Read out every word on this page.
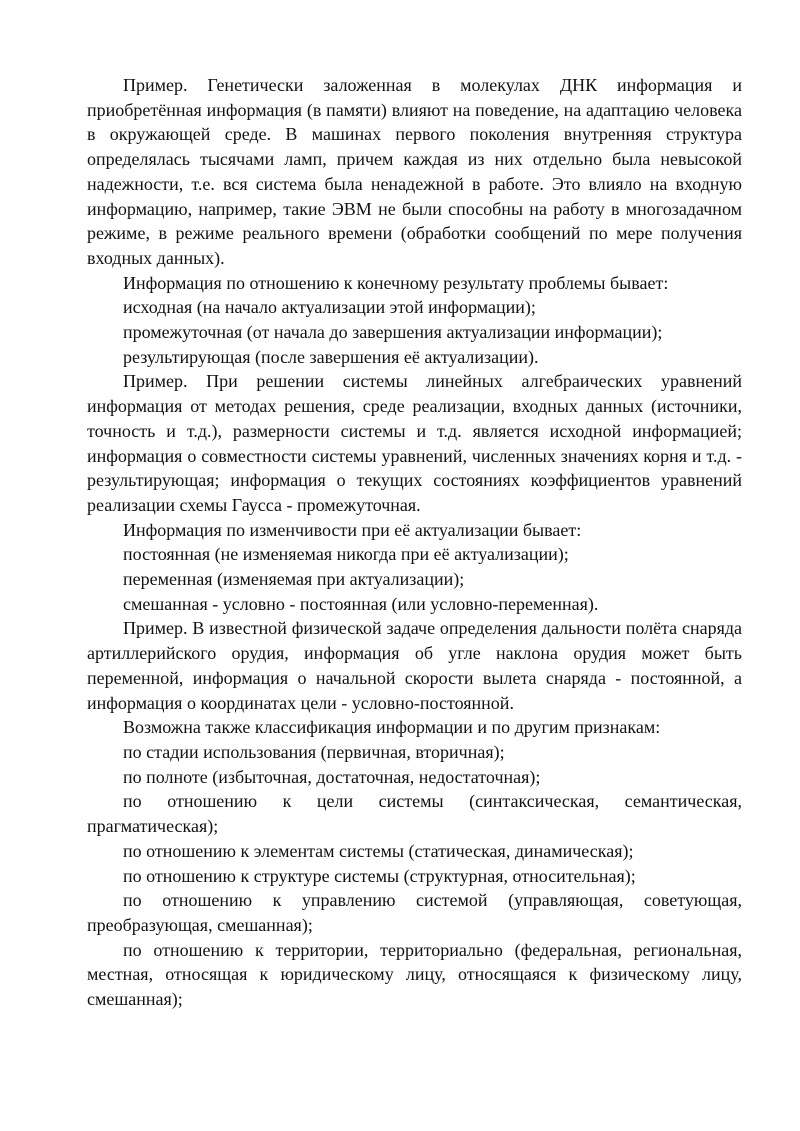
Пример. Генетически заложенная в молекулах ДНК информация и приобретённая информация (в памяти) влияют на поведение, на адаптацию человека в окружающей среде. В машинах первого поколения внутренняя структура определялась тысячами ламп, причем каждая из них отдельно была невысокой надежности, т.е. вся система была ненадежной в работе. Это влияло на входную информацию, например, такие ЭВМ не были способны на работу в многозадачном режиме, в режиме реального времени (обработки сообщений по мере получения входных данных).

Информация по отношению к конечному результату проблемы бывает:

исходная (на начало актуализации этой информации);

промежуточная (от начала до завершения актуализации информации);

результирующая (после завершения её актуализации).

Пример. При решении системы линейных алгебраических уравнений информация от методах решения, среде реализации, входных данных (источники, точность и т.д.), размерности системы и т.д. является исходной информацией; информация о совместности системы уравнений, численных значениях корня и т.д. - результирующая; информация о текущих состояниях коэффициентов уравнений реализации схемы Гаусса - промежуточная.

Информация по изменчивости при её актуализации бывает:

постоянная (не изменяемая никогда при её актуализации);

переменная (изменяемая при актуализации);

смешанная - условно - постоянная (или условно-переменная).

Пример. В известной физической задаче определения дальности полёта снаряда артиллерийского орудия, информация об угле наклона орудия может быть переменной, информация о начальной скорости вылета снаряда - постоянной, а информация о координатах цели - условно-постоянной.

Возможна также классификация информации и по другим признакам:

по стадии использования (первичная, вторичная);

по полноте (избыточная, достаточная, недостаточная);

по отношению к цели системы (синтаксическая, семантическая, прагматическая);

по отношению к элементам системы (статическая, динамическая);

по отношению к структуре системы (структурная, относительная);

по отношению к управлению системой (управляющая, советующая, преобразующая, смешанная);

по отношению к территории, территориально (федеральная, региональная, местная, относящая к юридическому лицу, относящаяся к физическому лицу, смешанная);
